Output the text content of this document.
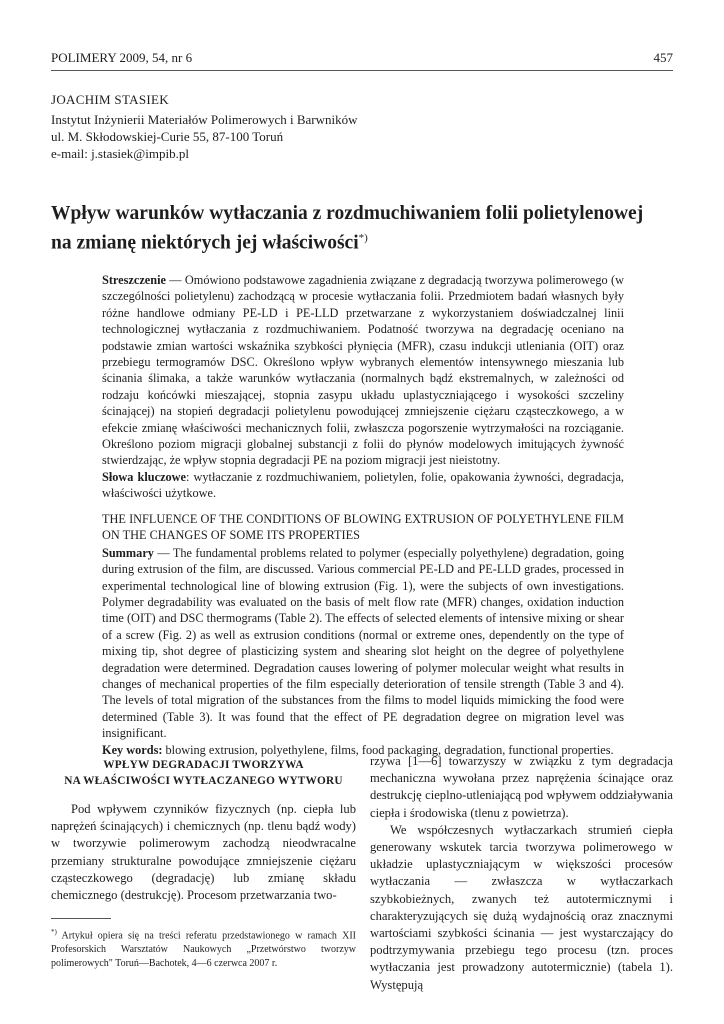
POLIMERY 2009, 54, nr 6	457
JOACHIM STASIEK
Instytut Inżynierii Materiałów Polimerowych i Barwników
ul. M. Skłodowskiej-Curie 55, 87-100 Toruń
e-mail: j.stasiek@impib.pl
Wpływ warunków wytłaczania z rozdmuchiwaniem folii polietylenowej na zmianę niektórych jej właściwości*)

Streszczenie — Omówiono podstawowe zagadnienia związane z degradacją tworzywa polimerowego (w szczególności polietylenu) zachodzącą w procesie wytłaczania folii. Przedmiotem badań własnych były różne handlowe odmiany PE-LD i PE-LLD przetwarzane z wykorzystaniem doświadczalnej linii technologicznej wytłaczania z rozdmuchiwaniem. Podatność tworzywa na degradację oceniano na podstawie zmian wartości wskaźnika szybkości płynięcia (MFR), czasu indukcji utleniania (OIT) oraz przebiegu termogramów DSC. Określono wpływ wybranych elementów intensywnego mieszania lub ścinania ślimaka, a także warunków wytłaczania (normalnych bądź ekstremalnych, w zależności od rodzaju końcówki mieszającej, stopnia zasypu układu uplastyczniającego i wysokości szczeliny ścinającej) na stopień degradacji polietylenu powodującej zmniejszenie ciężaru cząsteczkowego, a w efekcie zmianę właściwości mechanicznych folii, zwłaszcza pogorszenie wytrzymałości na rozciąganie. Określono poziom migracji globalnej substancji z folii do płynów modelowych imitujących żywność stwierdzając, że wpływ stopnia degradacji PE na poziom migracji jest nieistotny.

Słowa kluczowe: wytłaczanie z rozdmuchiwaniem, polietylen, folie, opakowania żywności, degradacja, właściwości użytkowe.

THE INFLUENCE OF THE CONDITIONS OF BLOWING EXTRUSION OF POLYETHYLENE FILM ON THE CHANGES OF SOME ITS PROPERTIES

Summary — The fundamental problems related to polymer (especially polyethylene) degradation, going during extrusion of the film, are discussed. Various commercial PE-LD and PE-LLD grades, processed in experimental technological line of blowing extrusion (Fig. 1), were the subjects of own investigations. Polymer degradability was evaluated on the basis of melt flow rate (MFR) changes, oxidation induction time (OIT) and DSC thermograms (Table 2). The effects of selected elements of intensive mixing or shear of a screw (Fig. 2) as well as extrusion conditions (normal or extreme ones, dependently on the type of mixing tip, shot degree of plasticizing system and shearing slot height on the degree of polyethylene degradation were determined. Degradation causes lowering of polymer molecular weight what results in changes of mechanical properties of the film especially deterioration of tensile strength (Table 3 and 4). The levels of total migration of the substances from the films to model liquids mimicking the food were determined (Table 3). It was found that the effect of PE degradation degree on migration level was insignificant.

Key words: blowing extrusion, polyethylene, films, food packaging, degradation, functional properties.

WPŁYW DEGRADACJI TWORZYWA
NA WŁAŚCIWOŚCI WYTŁACZANEGO WYTWORU
Pod wpływem czynników fizycznych (np. ciepła lub naprężeń ścinających) i chemicznych (np. tlenu bądź wody) w tworzywie polimerowym zachodzą nieodwracalne przemiany strukturalne powodujące zmniejszenie ciężaru cząsteczkowego (degradację) lub zmianę składu chemicznego (destrukcję). Procesom przetwarzania two-
*) Artykuł opiera się na treści referatu przedstawionego w ramach XII Profesorskich Warsztatów Naukowych „Przetwórstwo tworzyw polimerowych" Toruń—Bachotek, 4—6 czerwca 2007 r.

rzywa [1—6] towarzyszy w związku z tym degradacja mechaniczna wywołana przez naprężenia ścinające oraz destrukcję cieplno-utleniającą pod wpływem oddziaływania ciepła i środowiska (tlenu z powietrza).

We współczesnych wytłaczarkach strumień ciepła generowany wskutek tarcia tworzywa polimerowego w układzie uplastyczniającym w większości procesów wytłaczania — zwłaszcza w wytłaczarkach szybkobieżnych, zwanych też autotermicznymi i charakteryzujących się dużą wydajnością oraz znacznymi wartościami szybkości ścinania — jest wystarczający do podtrzymywania przebiegu tego procesu (tzn. proces wytłaczania jest prowadzony autotermicznie) (tabela 1). Występują
